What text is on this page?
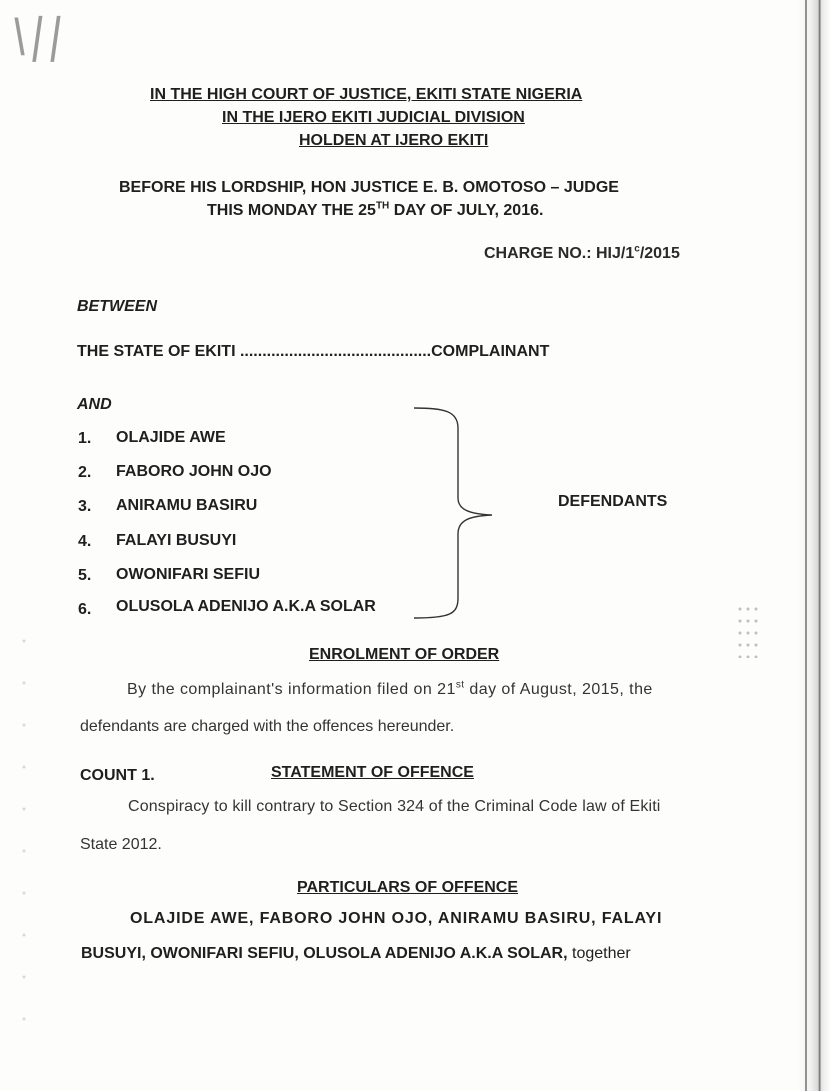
\ | |
IN THE HIGH COURT OF JUSTICE, EKITI STATE NIGERIA
IN THE IJERO EKITI JUDICIAL DIVISION
HOLDEN AT IJERO EKITI
BEFORE HIS LORDSHIP, HON JUSTICE E. B. OMOTOSO – JUDGE
THIS MONDAY THE 25TH DAY OF JULY, 2016.
CHARGE NO.: HIJ/1$^c$/2015
BETWEEN
THE STATE OF EKITI ...........................................COMPLAINANT
AND
1. OLAJIDE AWE
2. FABORO JOHN OJO
3. ANIRAMU BASIRU
4. FALAYI BUSUYI
5. OWONIFARI SEFIU
6. OLUSOLA ADENIJO A.K.A SOLAR
DEFENDANTS
ENROLMENT OF ORDER
By the complainant's information filed on 21st day of August, 2015, the
defendants are charged with the offences hereunder.
COUNT 1.	STATEMENT OF OFFENCE
Conspiracy to kill contrary to Section 324 of the Criminal Code law of Ekiti
State 2012.
PARTICULARS OF OFFENCE
OLAJIDE AWE, FABORO JOHN OJO, ANIRAMU BASIRU, FALAYI
BUSUYI, OWONIFARI SEFIU, OLUSOLA ADENIJO A.K.A SOLAR, together
